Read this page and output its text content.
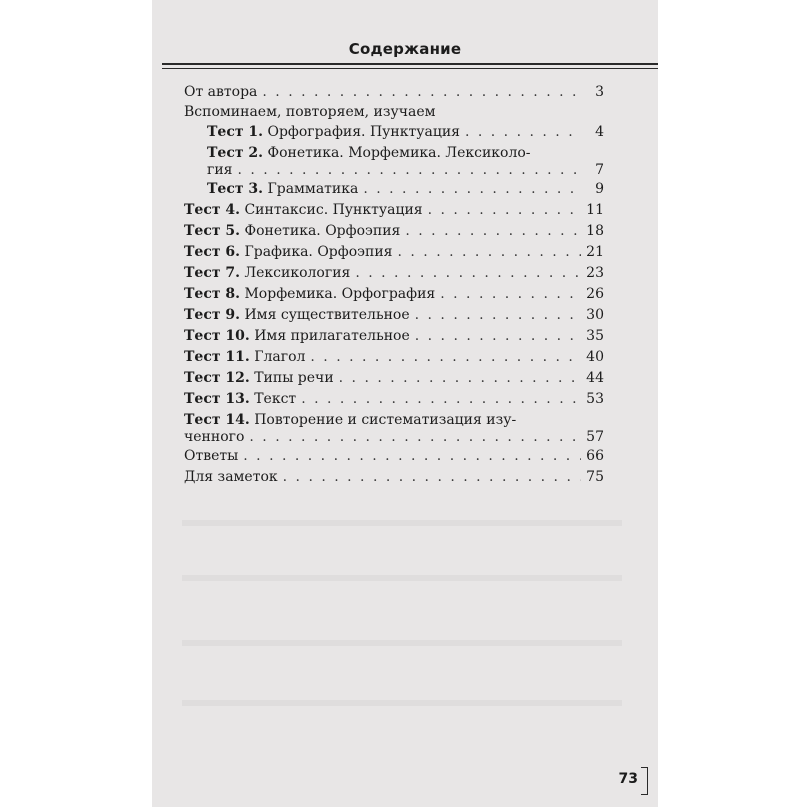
Содержание
От автора . . .	3
Вспоминаем, повторяем, изучаем
Тест 1. Орфография. Пунктуация . . .	4
Тест 2. Фонетика. Морфемика. Лексиколо-
гия . . .	7
Тест 3. Грамматика . . .	9
Тест 4. Синтаксис. Пунктуация . . .	11
Тест 5. Фонетика. Орфоэпия . . .	18
Тест 6. Графика. Орфоэпия . . .	21
Тест 7. Лексикология . . .	23
Тест 8. Морфемика. Орфография . . .	26
Тест 9. Имя существительное . . .	30
Тест 10. Имя прилагательное . . .	35
Тест 11. Глагол . . .	40
Тест 12. Типы речи . . .	44
Тест 13. Текст . . .	53
Тест 14. Повторение и систематизация изу-
ченного . . .	57
Ответы . . .	66
Для заметок . . .	75
73
